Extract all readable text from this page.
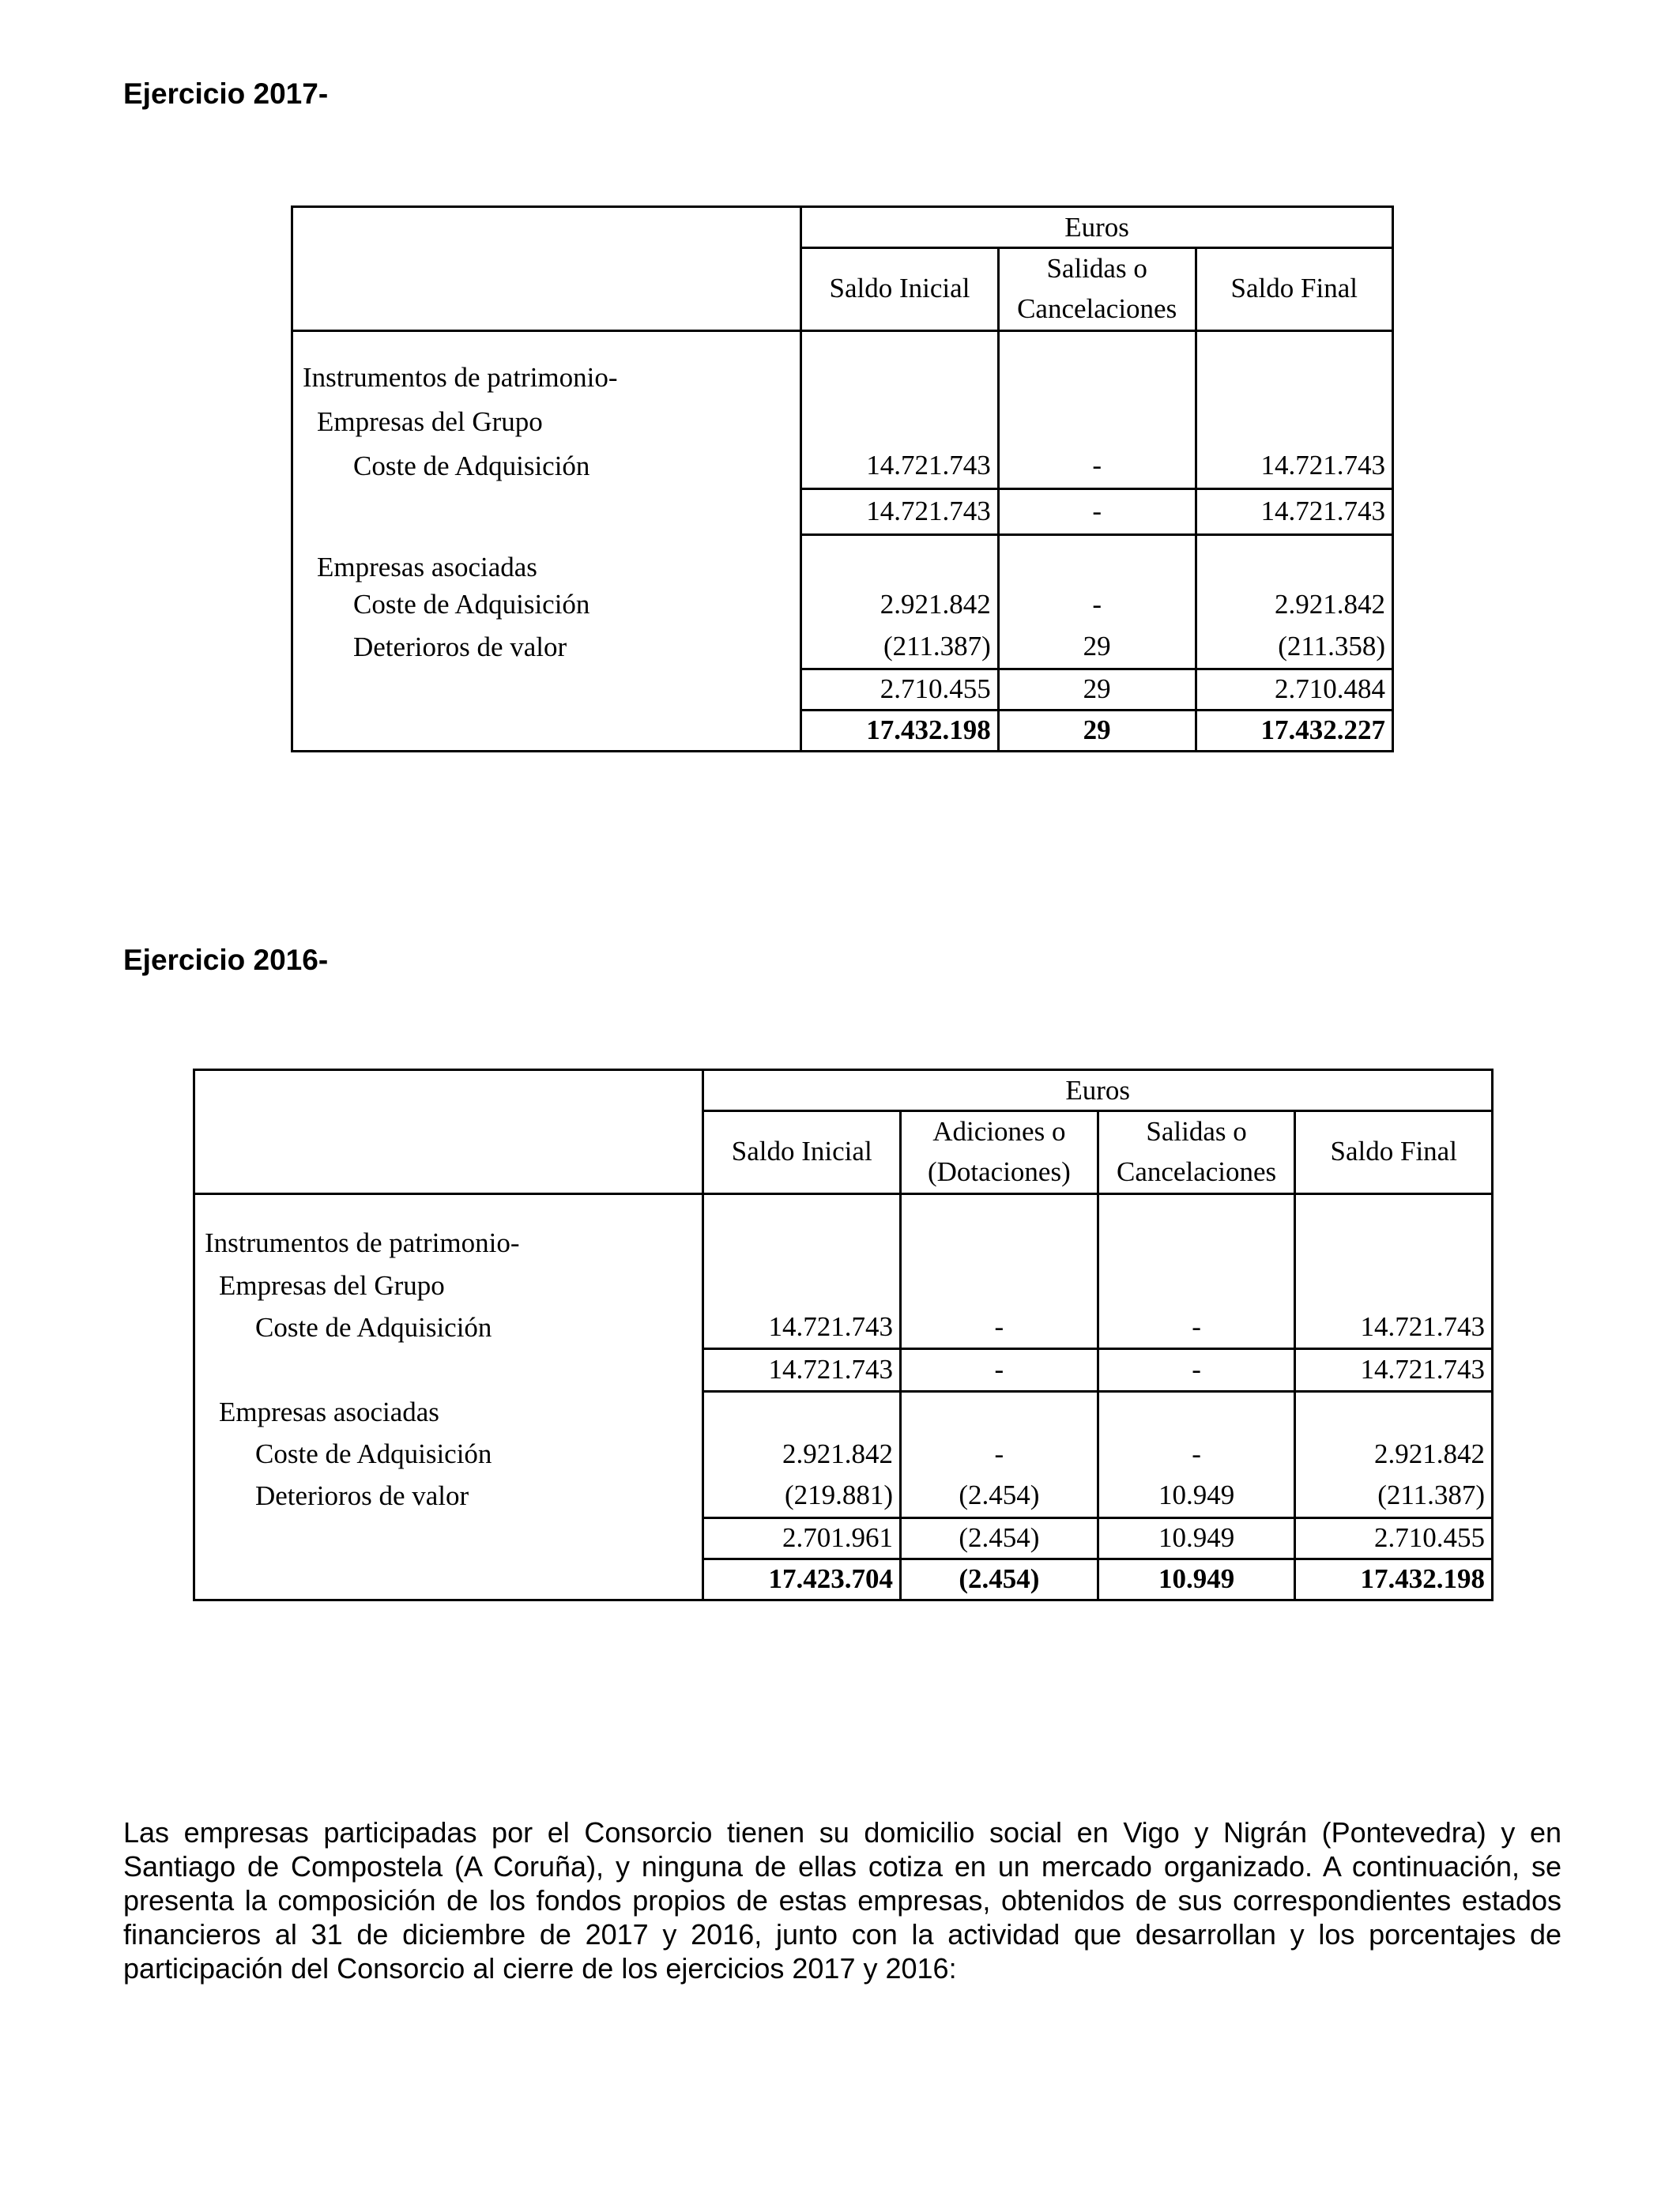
Ejercicio 2017-
	Euros		
	Saldo Inicial	Salidas o Cancelaciones	Saldo Final

Instrumentos de patrimonio-			
Empresas del Grupo			
Coste de Adquisición	14.721.743	-	14.721.743
	14.721.743	-	14.721.743
Empresas asociadas			
Coste de Adquisición	2.921.842	-	2.921.842
Deterioros de valor	(211.387)	29	(211.358)
	2.710.455	29	2.710.484
	17.432.198	29	17.432.227
Ejercicio 2016-
	Euros			
	Saldo Inicial	Adiciones o (Dotaciones)	Salidas o Cancelaciones	Saldo Final

Instrumentos de patrimonio-				
Empresas del Grupo				
Coste de Adquisición	14.721.743	-	-	14.721.743
	14.721.743	-	-	14.721.743
Empresas asociadas				
Coste de Adquisición	2.921.842	-	-	2.921.842
Deterioros de valor	(219.881)	(2.454)	10.949	(211.387)
	2.701.961	(2.454)	10.949	2.710.455
	17.423.704	(2.454)	10.949	17.432.198

Las empresas participadas por el Consorcio tienen su domicilio social en Vigo y Nigrán (Pontevedra) y en Santiago de Compostela (A Coruña), y ninguna de ellas cotiza en un mercado organizado. A continuación, se presenta la composición de los fondos propios de estas empresas, obtenidos de sus correspondientes estados financieros al 31 de diciembre de 2017 y 2016, junto con la actividad que desarrollan y los porcentajes de participación del Consorcio al cierre de los ejercicios 2017 y 2016:
